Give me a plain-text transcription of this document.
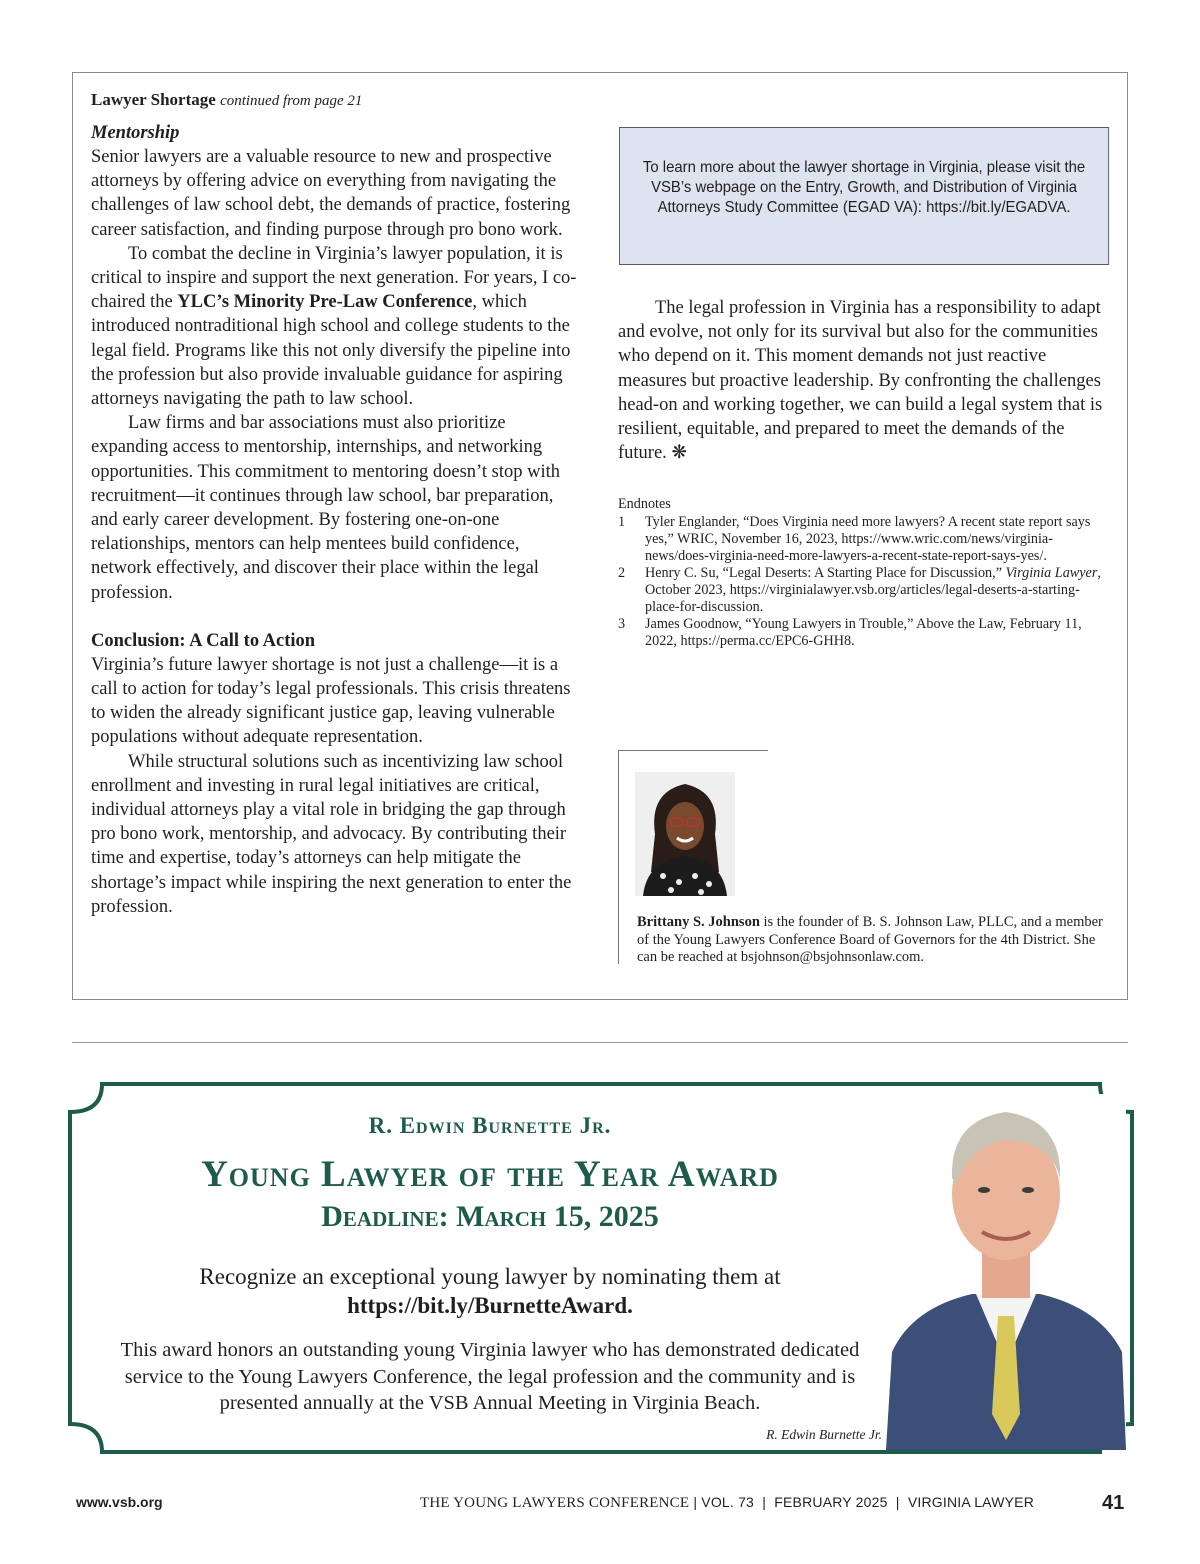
Lawyer Shortage continued from page 21
Mentorship

Senior lawyers are a valuable resource to new and prospective attorneys by offering advice on everything from navigating the challenges of law school debt, the demands of practice, fostering career satisfaction, and finding purpose through pro bono work.

To combat the decline in Virginia’s lawyer population, it is critical to inspire and support the next generation. For years, I co-chaired the YLC’s Minority Pre-Law Conference, which introduced nontraditional high school and college students to the legal field. Programs like this not only diversify the pipeline into the profession but also provide invaluable guidance for aspiring attorneys navigating the path to law school.

Law firms and bar associations must also prioritize expanding access to mentorship, internships, and networking opportunities. This commitment to mentoring doesn’t stop with recruitment—it continues through law school, bar preparation, and early career development. By fostering one-on-one relationships, mentors can help mentees build confidence, network effectively, and discover their place within the legal profession.

Conclusion: A Call to Action

Virginia’s future lawyer shortage is not just a challenge—it is a call to action for today’s legal professionals. This crisis threatens to widen the already significant justice gap, leaving vulnerable populations without adequate representation.

While structural solutions such as incentivizing law school enrollment and investing in rural legal initiatives are critical, individual attorneys play a vital role in bridging the gap through pro bono work, mentorship, and advocacy. By contributing their time and expertise, today’s attorneys can help mitigate the shortage’s impact while inspiring the next generation to enter the profession.

To learn more about the lawyer shortage in Virginia, please visit the VSB’s webpage on the Entry, Growth, and Distribution of Virginia Attorneys Study Committee (EGAD VA): https://bit.ly/EGADVA.

The legal profession in Virginia has a responsibility to adapt and evolve, not only for its survival but also for the communities who depend on it. This moment demands not just reactive measures but proactive leadership. By confronting the challenges head-on and working together, we can build a legal system that is resilient, equitable, and prepared to meet the demands of the future. ❋

Endnotes
1	Tyler Englander, “Does Virginia need more lawyers? A recent state report says yes,” WRIC, November 16, 2023, https://www.wric.com/news/virginia-news/does-virginia-need-more-lawyers-a-recent-state-report-says-yes/.
2	Henry C. Su, “Legal Deserts: A Starting Place for Discussion,” Virginia Lawyer, October 2023, https://virginialawyer.vsb.org/articles/legal-deserts-a-starting-place-for-discussion.
3	James Goodnow, “Young Lawyers in Trouble,” Above the Law, February 11, 2022, https://perma.cc/EPC6-GHH8.
Brittany S. Johnson is the founder of B. S. Johnson Law, PLLC, and a member of the Young Lawyers Conference Board of Governors for the 4th District. She can be reached at bsjohnson@bsjohnsonlaw.com.
R. Edwin Burnette Jr.
Young Lawyer of the Year Award
Deadline: March 15, 2025

Recognize an exceptional young lawyer by nominating them at
https://bit.ly/BurnetteAward.

This award honors an outstanding young Virginia lawyer who has demonstrated dedicated service to the Young Lawyers Conference, the legal profession and the community and is presented annually at the VSB Annual Meeting in Virginia Beach.

R. Edwin Burnette Jr.
www.vsb.org	THE YOUNG LAWYERS CONFERENCE | VOL. 73  |  FEBRUARY 2025  |  VIRGINIA LAWYER	41
